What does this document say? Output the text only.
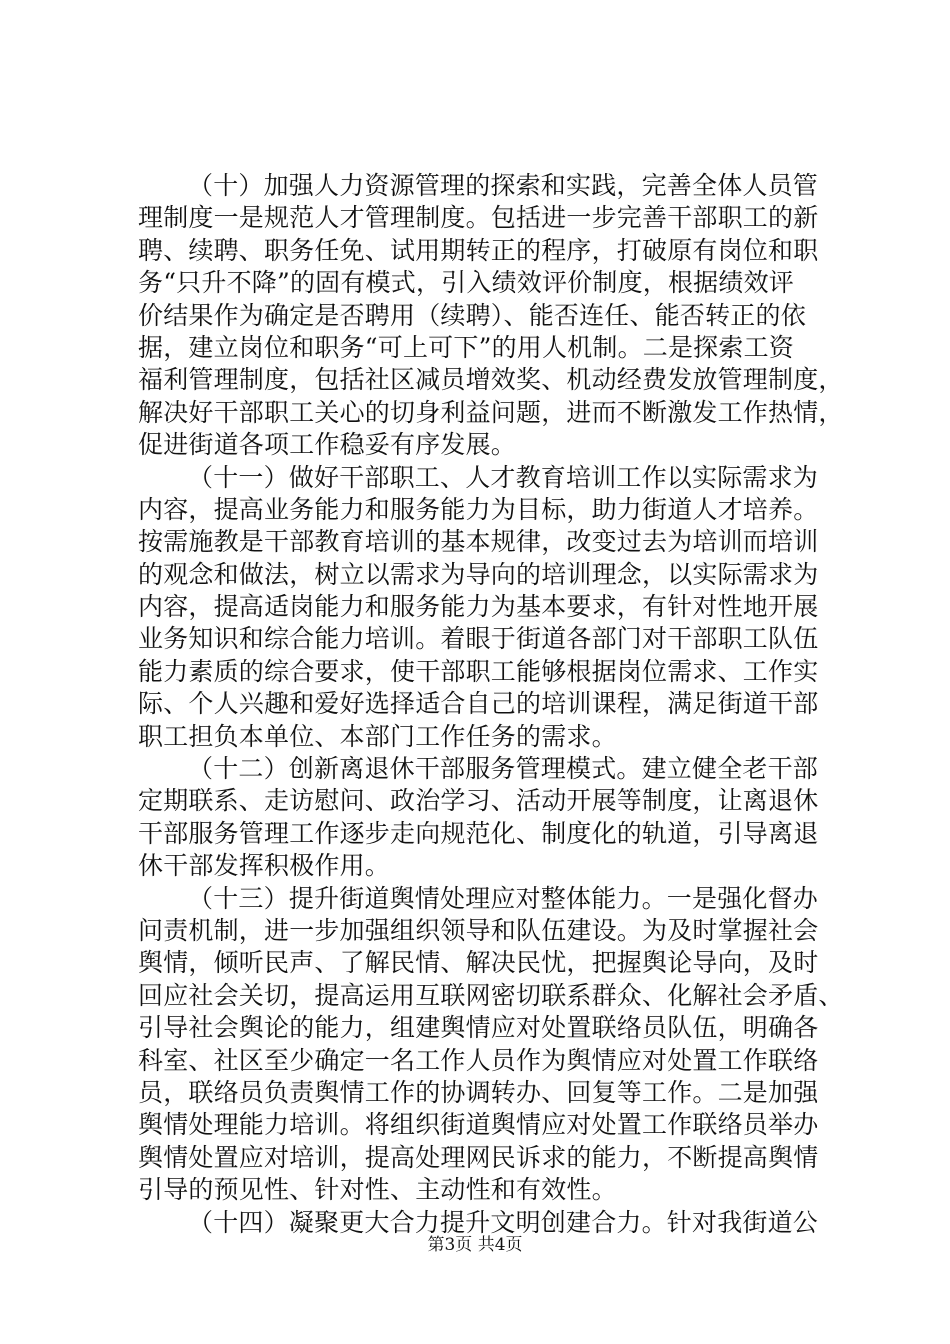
（十）加强人力资源管理的探索和实践，完善全体人员管
理制度一是规范人才管理制度。包括进一步完善干部职工的新
聘、续聘、职务任免、试用期转正的程序，打破原有岗位和职
务“只升不降”的固有模式，引入绩效评价制度，根据绩效评
价结果作为确定是否聘用（续聘）、能否连任、能否转正的依
据，建立岗位和职务“可上可下”的用人机制。二是探索工资
福利管理制度，包括社区减员增效奖、机动经费发放管理制度，
解决好干部职工关心的切身利益问题，进而不断激发工作热情，
促进街道各项工作稳妥有序发展。
（十一）做好干部职工、人才教育培训工作以实际需求为
内容，提高业务能力和服务能力为目标，助力街道人才培养。
按需施教是干部教育培训的基本规律，改变过去为培训而培训
的观念和做法，树立以需求为导向的培训理念，以实际需求为
内容，提高适岗能力和服务能力为基本要求，有针对性地开展
业务知识和综合能力培训。着眼于街道各部门对干部职工队伍
能力素质的综合要求，使干部职工能够根据岗位需求、工作实
际、个人兴趣和爱好选择适合自己的培训课程，满足街道干部
职工担负本单位、本部门工作任务的需求。
（十二）创新离退休干部服务管理模式。建立健全老干部
定期联系、走访慰问、政治学习、活动开展等制度，让离退休
干部服务管理工作逐步走向规范化、制度化的轨道，引导离退
休干部发挥积极作用。
（十三）提升街道舆情处理应对整体能力。一是强化督办
问责机制，进一步加强组织领导和队伍建设。为及时掌握社会
舆情，倾听民声、了解民情、解决民忧，把握舆论导向，及时
回应社会关切，提高运用互联网密切联系群众、化解社会矛盾、
引导社会舆论的能力，组建舆情应对处置联络员队伍，明确各
科室、社区至少确定一名工作人员作为舆情应对处置工作联络
员，联络员负责舆情工作的协调转办、回复等工作。二是加强
舆情处理能力培训。将组织街道舆情应对处置工作联络员举办
舆情处置应对培训，提高处理网民诉求的能力，不断提高舆情
引导的预见性、针对性、主动性和有效性。
（十四）凝聚更大合力提升文明创建合力。针对我街道公
第3页 共4页
